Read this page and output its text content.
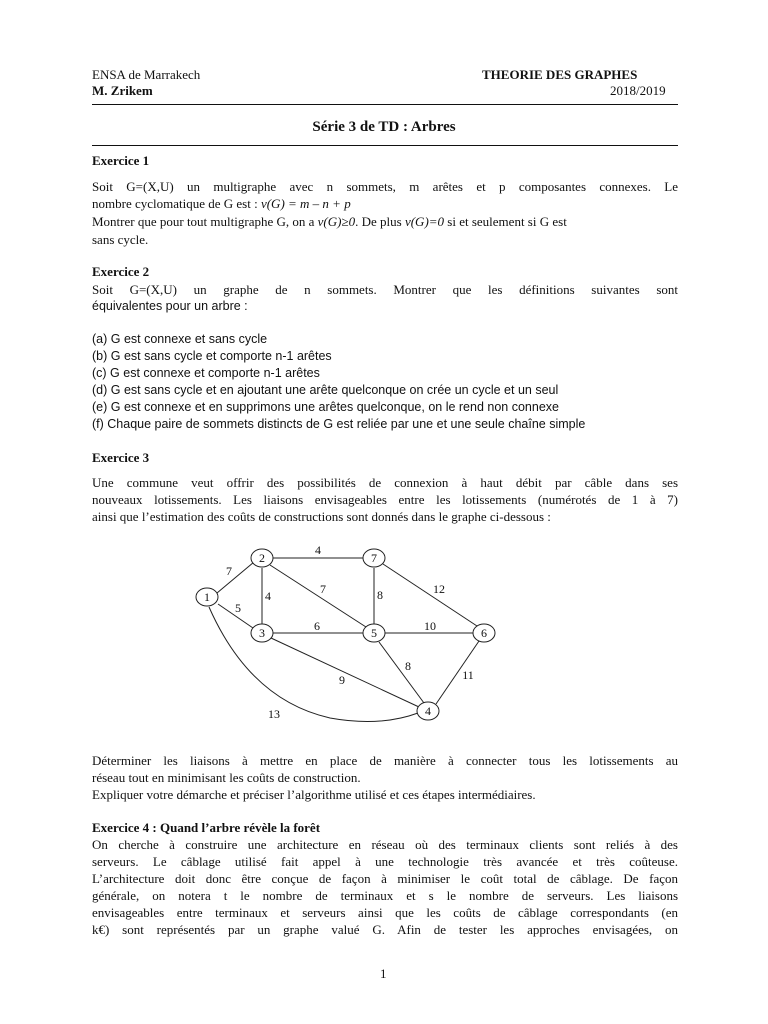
ENSA de Marrakech
M. Zrikem
THEORIE DES GRAPHES
2018/2019
Série 3 de TD : Arbres
Exercice 1
Soit G=(X,U) un multigraphe avec n sommets, m arêtes et p composantes connexes. Le
nombre cyclomatique de G est : ν(G) = m – n + p
Montrer que pour tout multigraphe G, on a ν(G)≥0. De plus ν(G)=0 si et seulement si G est
sans cycle.
Exercice 2
Soit G=(X,U) un graphe de n sommets. Montrer que les définitions suivantes sont
équivalentes pour un arbre :
(a) G est connexe et sans cycle
(b) G est sans cycle et comporte n-1 arêtes
(c) G est connexe et comporte n-1 arêtes
(d) G est sans cycle et en ajoutant une arête quelconque on crée un cycle et un seul
(e) G est connexe et en supprimons une arêtes quelconque, on le rend non connexe
(f) Chaque paire de sommets distincts de G est reliée par une et une seule chaîne simple
Exercice 3
Une commune veut offrir des possibilités de connexion à haut débit par câble dans ses
nouveaux lotissements. Les liaisons envisageables entre les lotissements (numérotés de 1 à 7)
ainsi que l’estimation des coûts de constructions sont donnés dans le graphe ci-dessous :
1
2
3
4
5	6
7
7
5
4
4
7	8	12
6	10
8
9	11
13
Déterminer les liaisons à mettre en place de manière à connecter tous les lotissements au
réseau tout en minimisant les coûts de construction.
Expliquer votre démarche et préciser l’algorithme utilisé et ces étapes intermédiaires.
Exercice 4 : Quand l’arbre révèle la forêt
On cherche à construire une architecture en réseau où des terminaux clients sont reliés à des
serveurs. Le câblage utilisé fait appel à une technologie très avancée et très coûteuse.
L’architecture doit donc être conçue de façon à minimiser le coût total de câblage. De façon
générale, on notera t le nombre de terminaux et s le nombre de serveurs. Les liaisons
envisageables entre terminaux et serveurs ainsi que les coûts de câblage correspondants (en
k€) sont représentés par un graphe valué G. Afin de tester les approches envisagées, on
1
